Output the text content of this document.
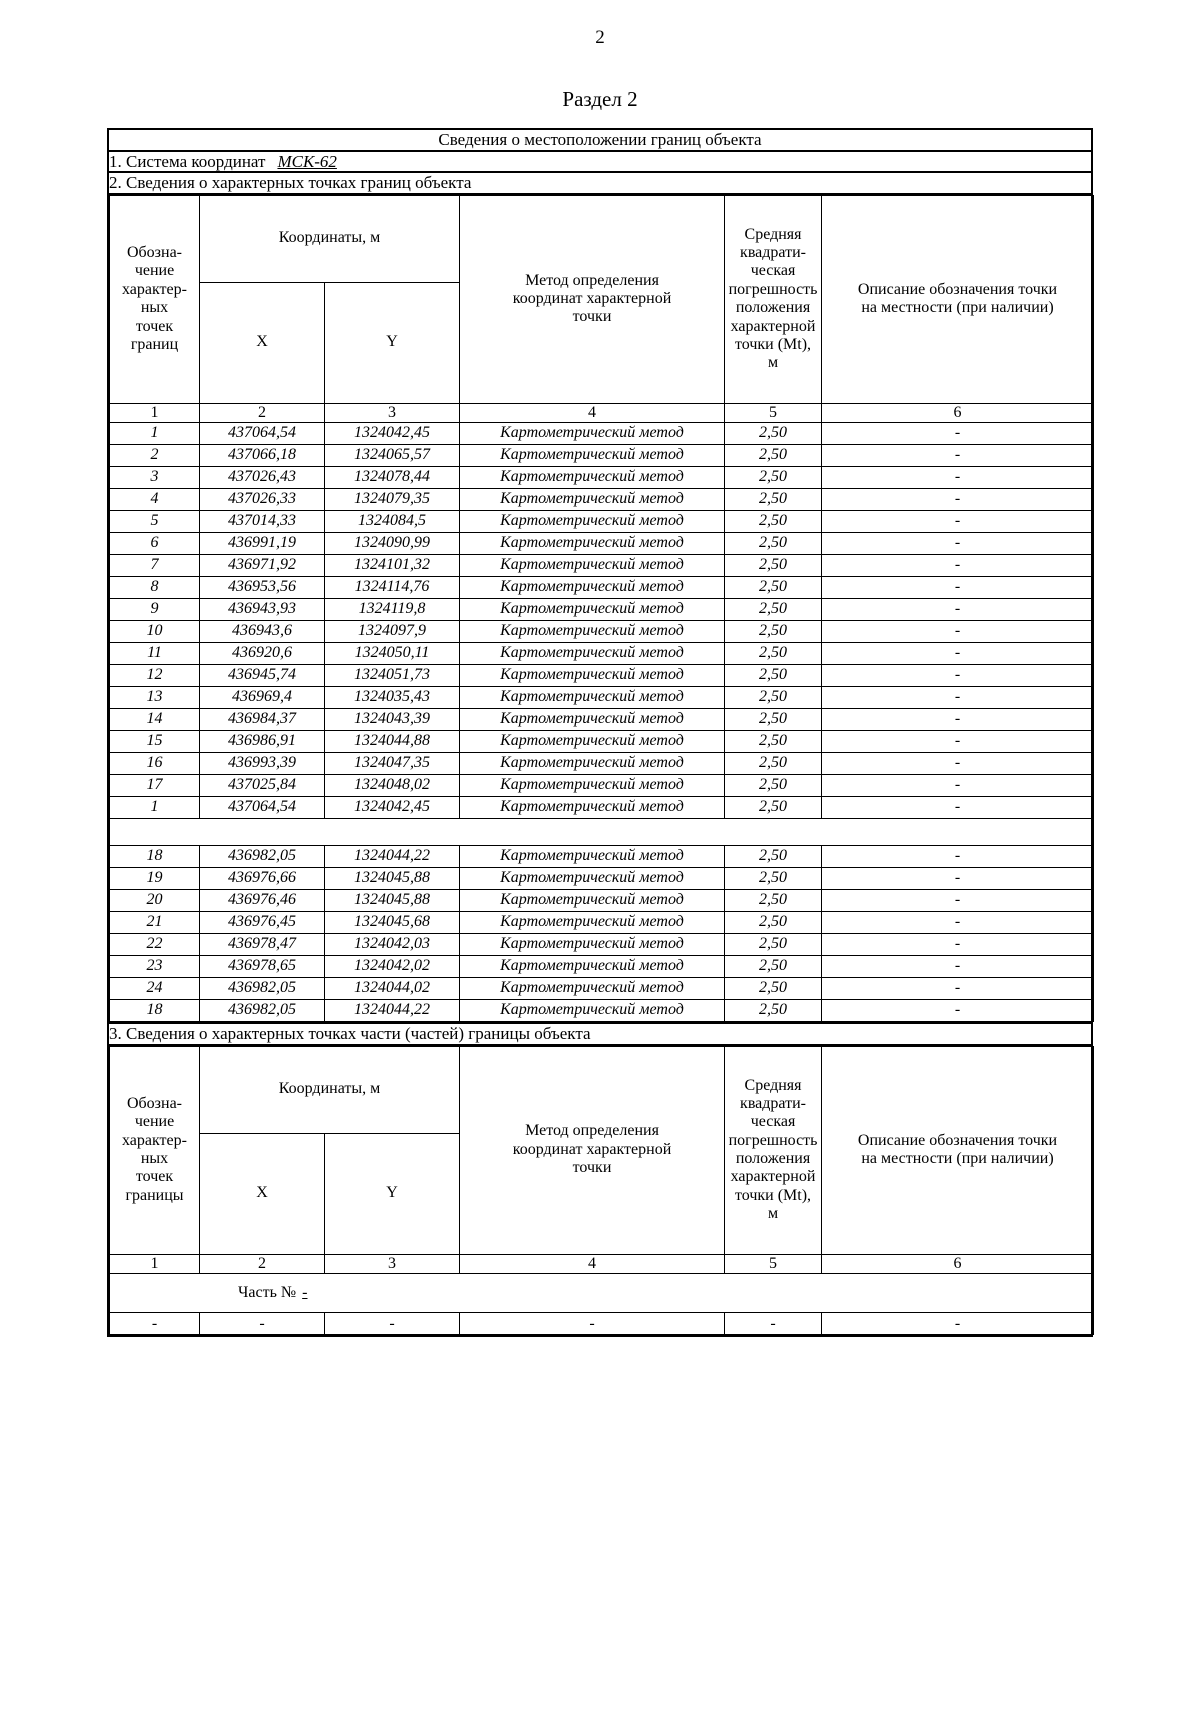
2
Раздел 2
Сведения о местоположении границ объекта
1. Система координат МСК-62
2. Сведения о характерных точках границ объекта

Обозна-
чение
характер-
ных
точек
границ
	Координаты, м	
Метод определения
координат характерной
точки

Средняя
квадрати-
ческая
погрешность
положения
характерной
точки (Mt),
м

Описание обозначения точки
на местности (при наличии)

X	Y
1	2	3	4	5	6
1	437064,54	1324042,45	Картометрический метод	2,50	-
2	437066,18	1324065,57	Картометрический метод	2,50	-
3	437026,43	1324078,44	Картометрический метод	2,50	-
4	437026,33	1324079,35	Картометрический метод	2,50	-
5	437014,33	1324084,5	Картометрический метод	2,50	-
6	436991,19	1324090,99	Картометрический метод	2,50	-
7	436971,92	1324101,32	Картометрический метод	2,50	-
8	436953,56	1324114,76	Картометрический метод	2,50	-
9	436943,93	1324119,8	Картометрический метод	2,50	-
10	436943,6	1324097,9	Картометрический метод	2,50	-
11	436920,6	1324050,11	Картометрический метод	2,50	-
12	436945,74	1324051,73	Картометрический метод	2,50	-
13	436969,4	1324035,43	Картометрический метод	2,50	-
14	436984,37	1324043,39	Картометрический метод	2,50	-
15	436986,91	1324044,88	Картометрический метод	2,50	-
16	436993,39	1324047,35	Картометрический метод	2,50	-
17	437025,84	1324048,02	Картометрический метод	2,50	-
1	437064,54	1324042,45	Картометрический метод	2,50	-

18	436982,05	1324044,22	Картометрический метод	2,50	-
19	436976,66	1324045,88	Картометрический метод	2,50	-
20	436976,46	1324045,88	Картометрический метод	2,50	-
21	436976,45	1324045,68	Картометрический метод	2,50	-
22	436978,47	1324042,03	Картометрический метод	2,50	-
23	436978,65	1324042,02	Картометрический метод	2,50	-
24	436982,05	1324044,02	Картометрический метод	2,50	-
18	436982,05	1324044,22	Картометрический метод	2,50	-

3. Сведения о характерных точках части (частей) границы объекта

Обозна-
чение
характер-
ных
точек
границы
	Координаты, м	
Метод определения
координат характерной
точки

Средняя
квадрати-
ческая
погрешность
положения
характерной
точки (Mt),
м

Описание обозначения точки
на местности (при наличии)

X	Y
1	2	3	4	5	6
Часть № -
-	-	-	-	-	-
